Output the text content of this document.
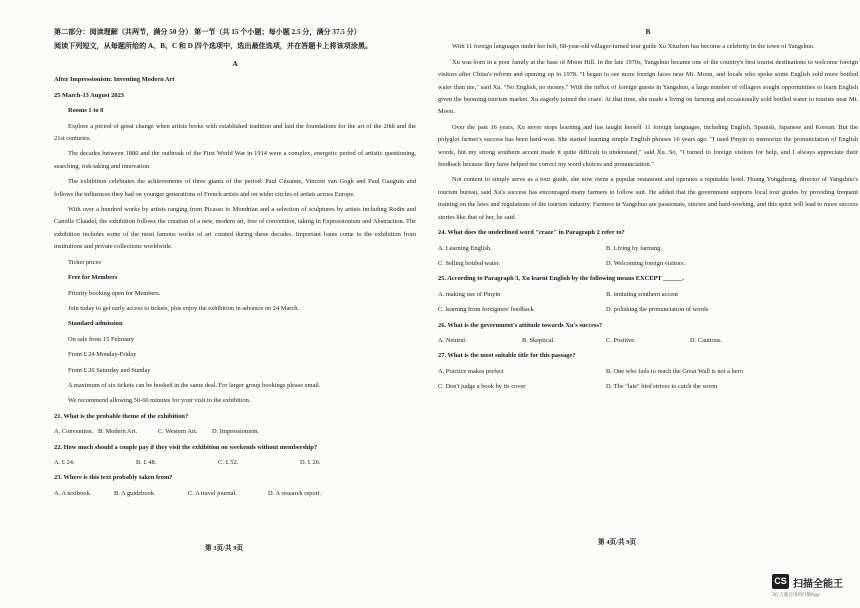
第二部分：阅读理解（共两节，满分 50 分） 第一节（共 15 个小题；每小题 2.5 分，满分 37.5 分）
阅读下列短文，从每题所给的 A、B、C 和 D 四个选项中，选出最佳选项，并在答题卡上将该项涂黑。

A

After Impressionism: Inventing Modern Art

25 March-13 August 2023

Rooms 1 to 8

Explore a period of great change when artists broke with established tradition and laid the foundations for the art of the 20th and the 21st centuries.

The decades between 1880 and the outbreak of the First World War in 1914 were a complex, energetic period of artistic questioning, searching, risk-taking and innovation.

The exhibition celebrates the achievements of three giants of the period: Paul Cézanne, Vincent van Gogh and Paul Gauguin and follows the influences they had on younger generations of French artists and on wider circles of artists across Europe.

With over a hundred works by artists ranging from Picasso to Mondrian and a selection of sculptures by artists including Rodin and Camille Claudel, the exhibition follows the creation of a new, modern art, free of convention, taking in Expressionism and Abstraction. The exhibition includes some of the most famous works of art created during these decades. Important loans come to the exhibition from institutions and private collections worldwide.

Ticket prices

Free for Members

Priority booking open for Members.

Join today to get early access to tickets, plus enjoy the exhibition in advance on 24 March.

Standard admission

On sale from 15 February

From £ 24 Monday-Friday

From £ 26 Saturday and Sunday

A maximum of six tickets can be booked in the same deal. For larger group bookings please email.

We recommend allowing 50-60 minutes for your visit to the exhibition.

21. What is the probable theme of the exhibition?

A. Convention. B. Modern Art.	C. Western Art.	D. Impressionism.

22. How much should a couple pay if they visit the exhibition on weekends without membership?

A. £ 24.	B. £ 48.	C. £ 52.	D. £ 26.

23. Where is this text probably taken from?

A. A textbook.	B. A guidebook.	C. A travel journal.	D. A research report.
第 3页/共 9页

B

With 11 foreign languages under her belt, 68-year-old villager-turned tour guide Xu Xiuzhen has become a celebrity in the town of Yangshuo.

Xu was born in a poor family at the base of Moon Hill. In the late 1970s, Yangshuo became one of the country's first tourist destinations to welcome foreign visitors after China's reform and opening up in 1978. "I began to see more foreign faces near Mt. Moon, and locals who spoke some English sold more bottled water than me," said Xu. "No English, no money." With the influx of foreign guests in Yangshuo, a large number of villagers sought opportunities to learn English given the booming tourism market. Xu eagerly joined the craze. At that time, she made a living on farming and occasionally sold bottled water to tourists near Mt. Moon.

Over the past 16 years, Xu never stops learning and has taught herself 11 foreign languages, including English, Spanish, Japanese and Korean. But the polyglot farmer's success has been hard-won. She started learning simple English phrases 16 years ago. "I used Pinyin to memorize the pronunciation of English words, but my strong southern accent made it quite difficult to understand," said Xu. So, "I turned to foreign visitors for help, and I always appreciate their feedback because they have helped me correct my word choices and pronunciation."

Not content to simply serve as a tour guide, she now owns a popular restaurant and operates a reputable hotel. Huang Yongzhong, director of Yangshuo's tourism bureau, said Xu's success has encouraged many farmers to follow suit. He added that the government supports local tour guides by providing frequent training on the laws and regulations of the tourism industry. Farmers in Yangshuo are passionate, sincere and hard-working, and this spirit will lead to more success stories like that of her, he said.

24. What does the underlined word "craze" in Paragraph 2 refer to?

A. Learning English.	B. Living by farming.
C. Selling bottled water.	D. Welcoming foreign visitors.

25. According to Paragraph 3, Xu learnt English by the following means EXCEPT ______.

A. making use of Pinyin	B. imitating southern accent
C. learning from foreigners' feedback	D. polishing the pronunciation of words

26. What is the government's attitude towards Xu's success?

A. Neutral.	B. Skeptical.	C. Positive.	D. Cautious.

27. What is the most suitable title for this passage?

A. Practice makes perfect	B. One who fails to reach the Great Wall is not a hero
C. Don't judge a book by its cover	D. The "late" bird strives to catch the worm
第 4页/共 9页
CS 扫描全能王
3亿人都在用的扫描App
